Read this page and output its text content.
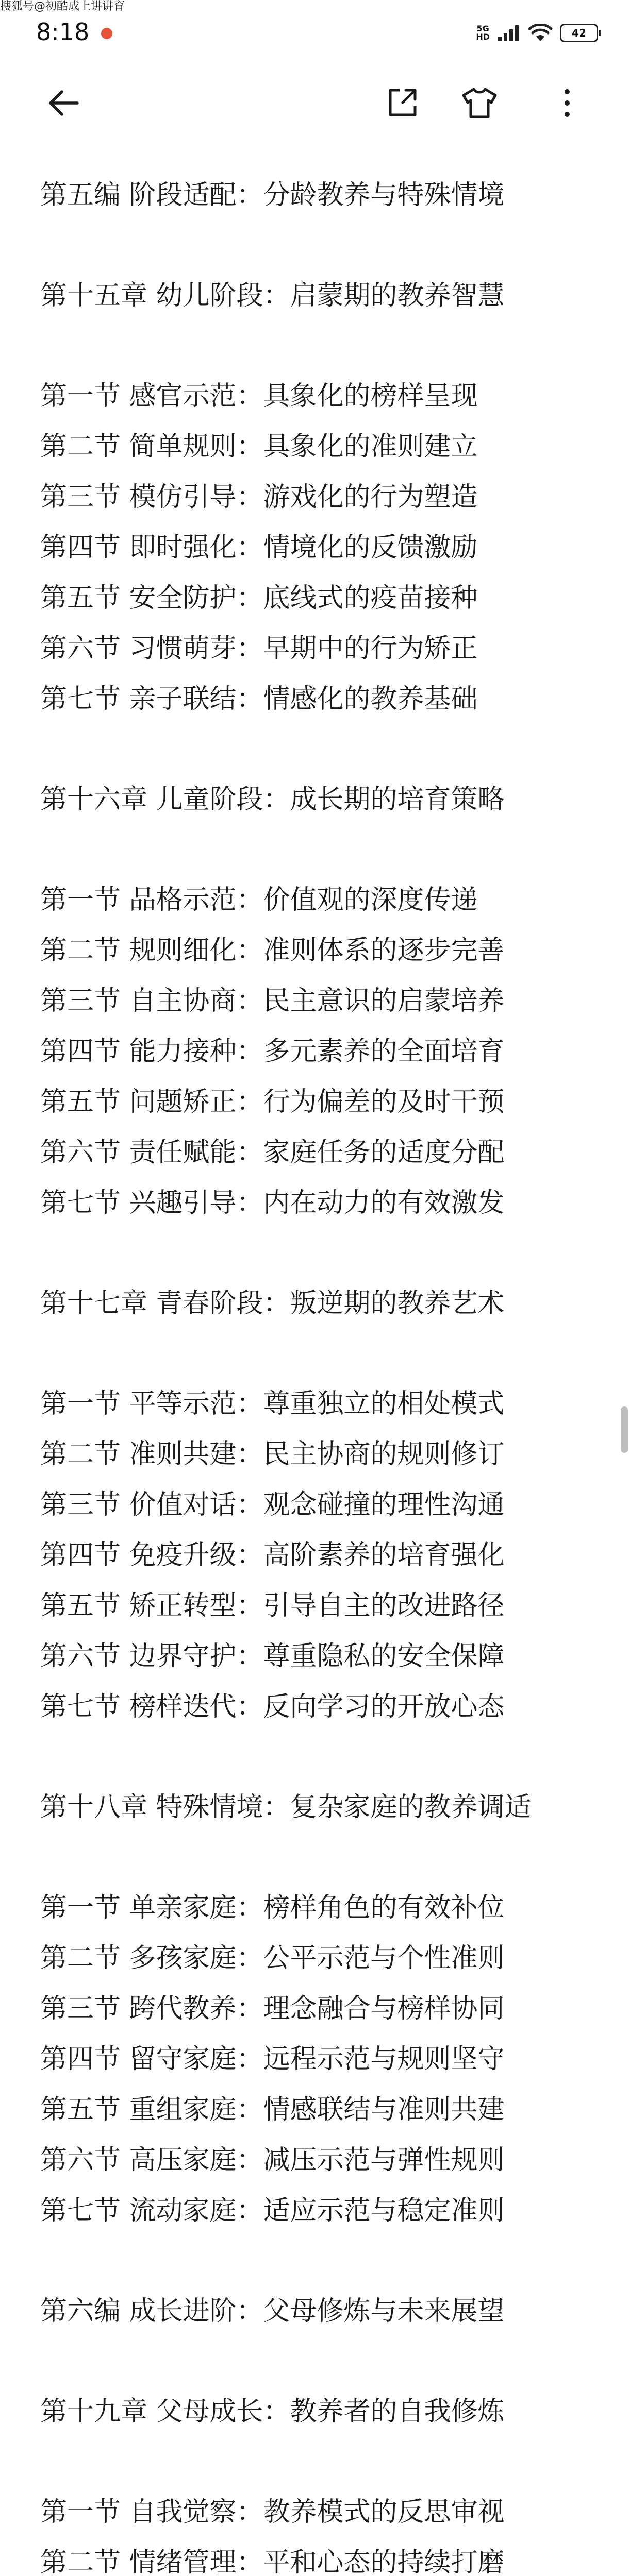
搜狐号@初酷成上讲讲育
8:18	5G
HD	42
第五编 阶段适配：分龄教养与特殊情境
第十五章 幼儿阶段：启蒙期的教养智慧
第一节 感官示范：具象化的榜样呈现
第二节 简单规则：具象化的准则建立
第三节 模仿引导：游戏化的行为塑造
第四节 即时强化：情境化的反馈激励
第五节 安全防护：底线式的疫苗接种
第六节 习惯萌芽：早期中的行为矫正
第七节 亲子联结：情感化的教养基础
第十六章 儿童阶段：成长期的培育策略
第一节 品格示范：价值观的深度传递
第二节 规则细化：准则体系的逐步完善
第三节 自主协商：民主意识的启蒙培养
第四节 能力接种：多元素养的全面培育
第五节 问题矫正：行为偏差的及时干预
第六节 责任赋能：家庭任务的适度分配
第七节 兴趣引导：内在动力的有效激发
第十七章 青春阶段：叛逆期的教养艺术
第一节 平等示范：尊重独立的相处模式
第二节 准则共建：民主协商的规则修订
第三节 价值对话：观念碰撞的理性沟通
第四节 免疫升级：高阶素养的培育强化
第五节 矫正转型：引导自主的改进路径
第六节 边界守护：尊重隐私的安全保障
第七节 榜样迭代：反向学习的开放心态
第十八章 特殊情境：复杂家庭的教养调适
第一节 单亲家庭：榜样角色的有效补位
第二节 多孩家庭：公平示范与个性准则
第三节 跨代教养：理念融合与榜样协同
第四节 留守家庭：远程示范与规则坚守
第五节 重组家庭：情感联结与准则共建
第六节 高压家庭：减压示范与弹性规则
第七节 流动家庭：适应示范与稳定准则
第六编 成长进阶：父母修炼与未来展望
第十九章 父母成长：教养者的自我修炼
第一节 自我觉察：教养模式的反思审视
第二节 情绪管理：平和心态的持续打磨
